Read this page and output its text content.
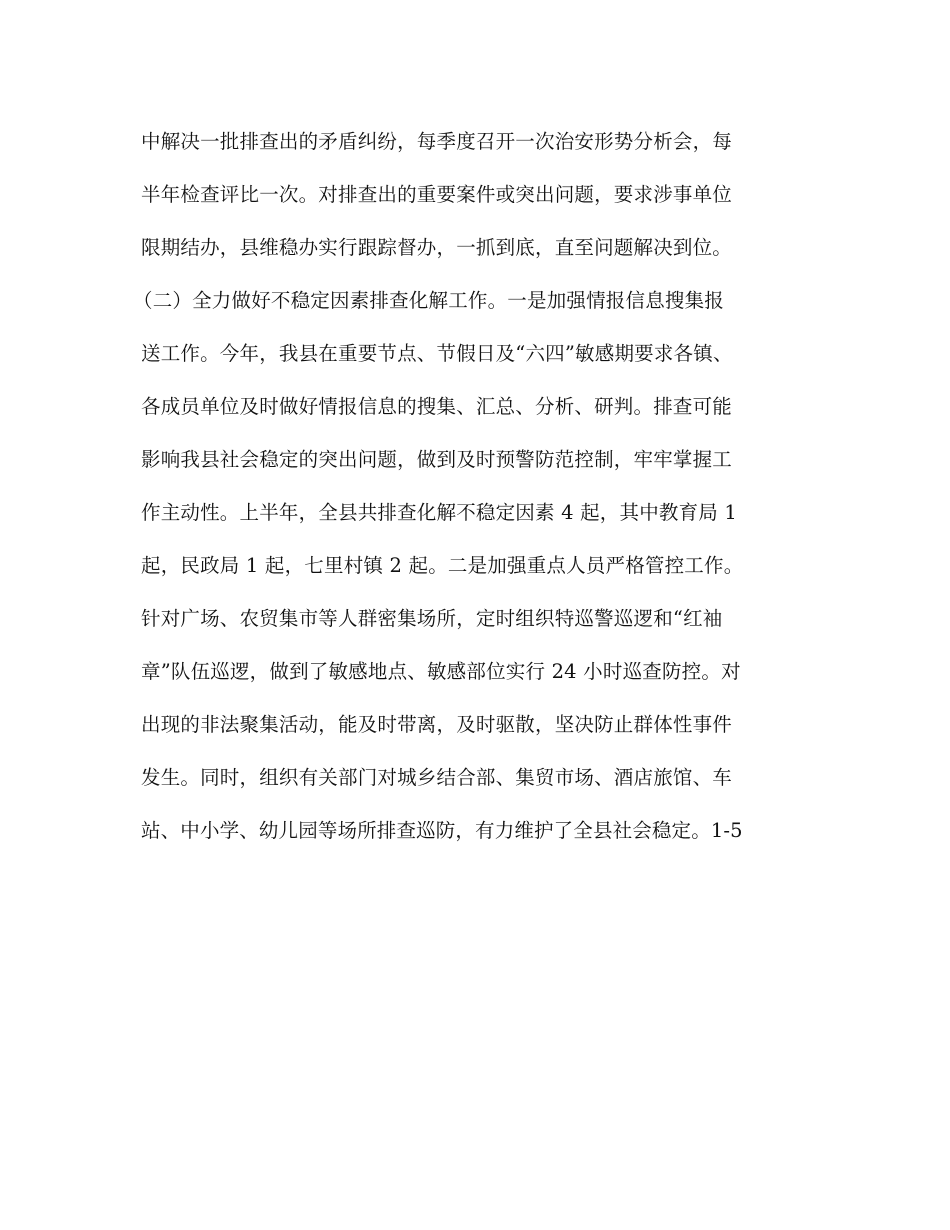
中解决一批排查出的矛盾纠纷，每季度召开一次治安形势分析会，每
半年检查评比一次。对排查出的重要案件或突出问题，要求涉事单位
限期结办，县维稳办实行跟踪督办，一抓到底，直至问题解决到位。
（二）全力做好不稳定因素排查化解工作。一是加强情报信息搜集报
送工作。今年，我县在重要节点、节假日及“六四”敏感期要求各镇、
各成员单位及时做好情报信息的搜集、汇总、分析、研判。排查可能
影响我县社会稳定的突出问题，做到及时预警防范控制，牢牢掌握工
作主动性。上半年，全县共排查化解不稳定因素 4 起，其中教育局 1
起，民政局 1 起，七里村镇 2 起。二是加强重点人员严格管控工作。
针对广场、农贸集市等人群密集场所，定时组织特巡警巡逻和“红袖
章”队伍巡逻，做到了敏感地点、敏感部位实行 24 小时巡查防控。对
出现的非法聚集活动，能及时带离，及时驱散，坚决防止群体性事件
发生。同时，组织有关部门对城乡结合部、集贸市场、酒店旅馆、车
站、中小学、幼儿园等场所排查巡防，有力维护了全县社会稳定。1-5
